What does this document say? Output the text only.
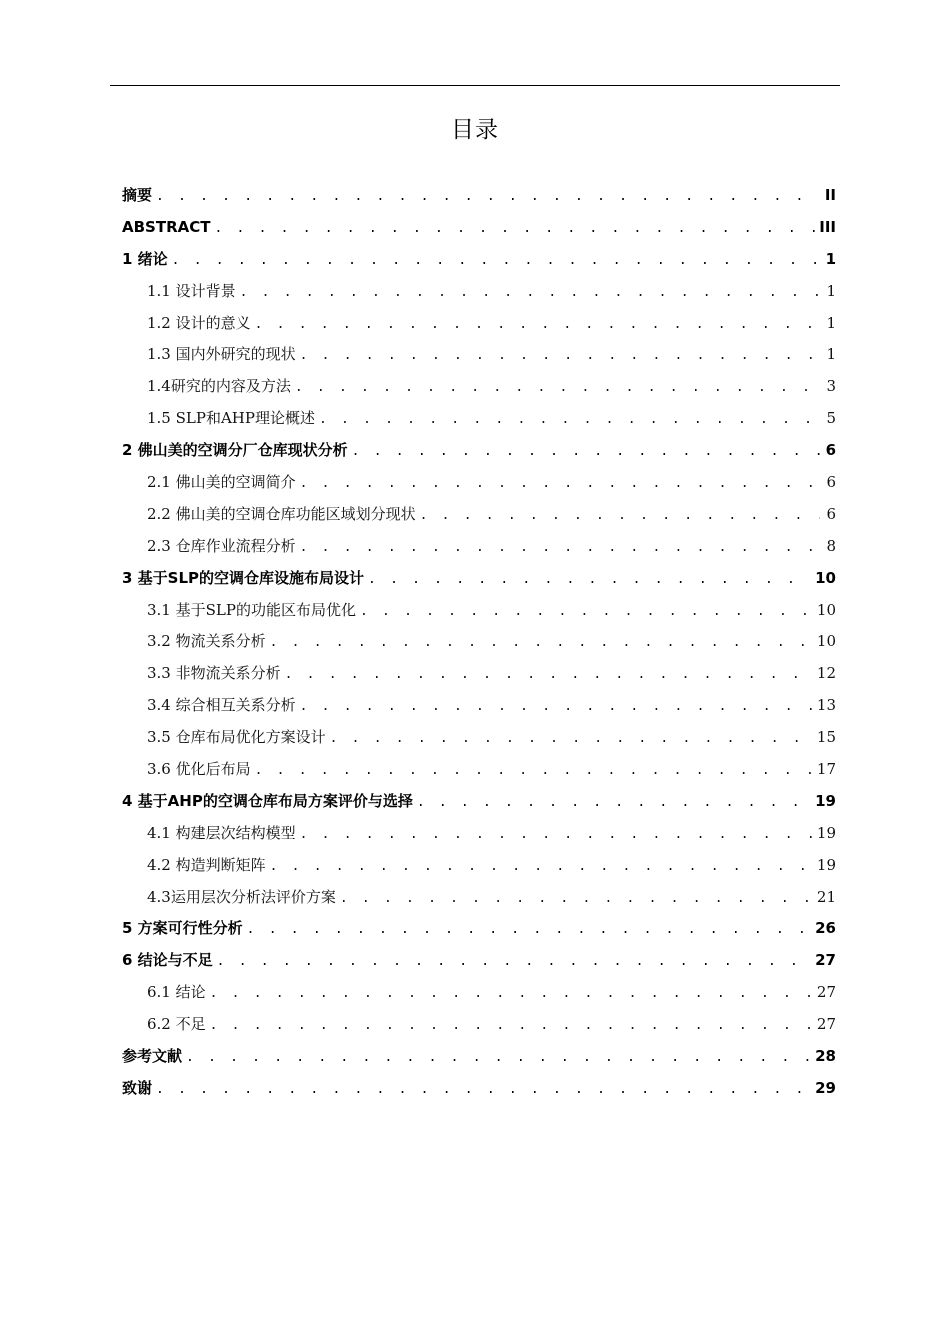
目录
摘要 . . .	II
ABSTRACT . . .	III
1 绪论 . . .	1
1.1 设计背景 . . .	1
1.2 设计的意义 . . .	1
1.3 国内外研究的现状 . . .	1
1.4研究的内容及方法 . . .	3
1.5 SLP和AHP理论概述 . . .	5
2 佛山美的空调分厂仓库现状分析 . . .	6
2.1 佛山美的空调简介 . . .	6
2.2 佛山美的空调仓库功能区域划分现状 . . .	6
2.3 仓库作业流程分析 . . .	8
3 基于SLP的空调仓库设施布局设计 . . .	10
3.1 基于SLP的功能区布局优化 . . .	10
3.2 物流关系分析 . . .	10
3.3 非物流关系分析 . . .	12
3.4 综合相互关系分析 . . .	13
3.5 仓库布局优化方案设计 . . .	15
3.6 优化后布局 . . .	17
4 基于AHP的空调仓库布局方案评价与选择 . . .	19
4.1 构建层次结构模型 . . .	19
4.2 构造判断矩阵 . . .	19
4.3运用层次分析法评价方案 . . .	21
5 方案可行性分析 . . .	26
6 结论与不足 . . .	27
6.1 结论 . . .	27
6.2 不足 . . .	27
参考文献 . . .	28
致谢 . . .	29
